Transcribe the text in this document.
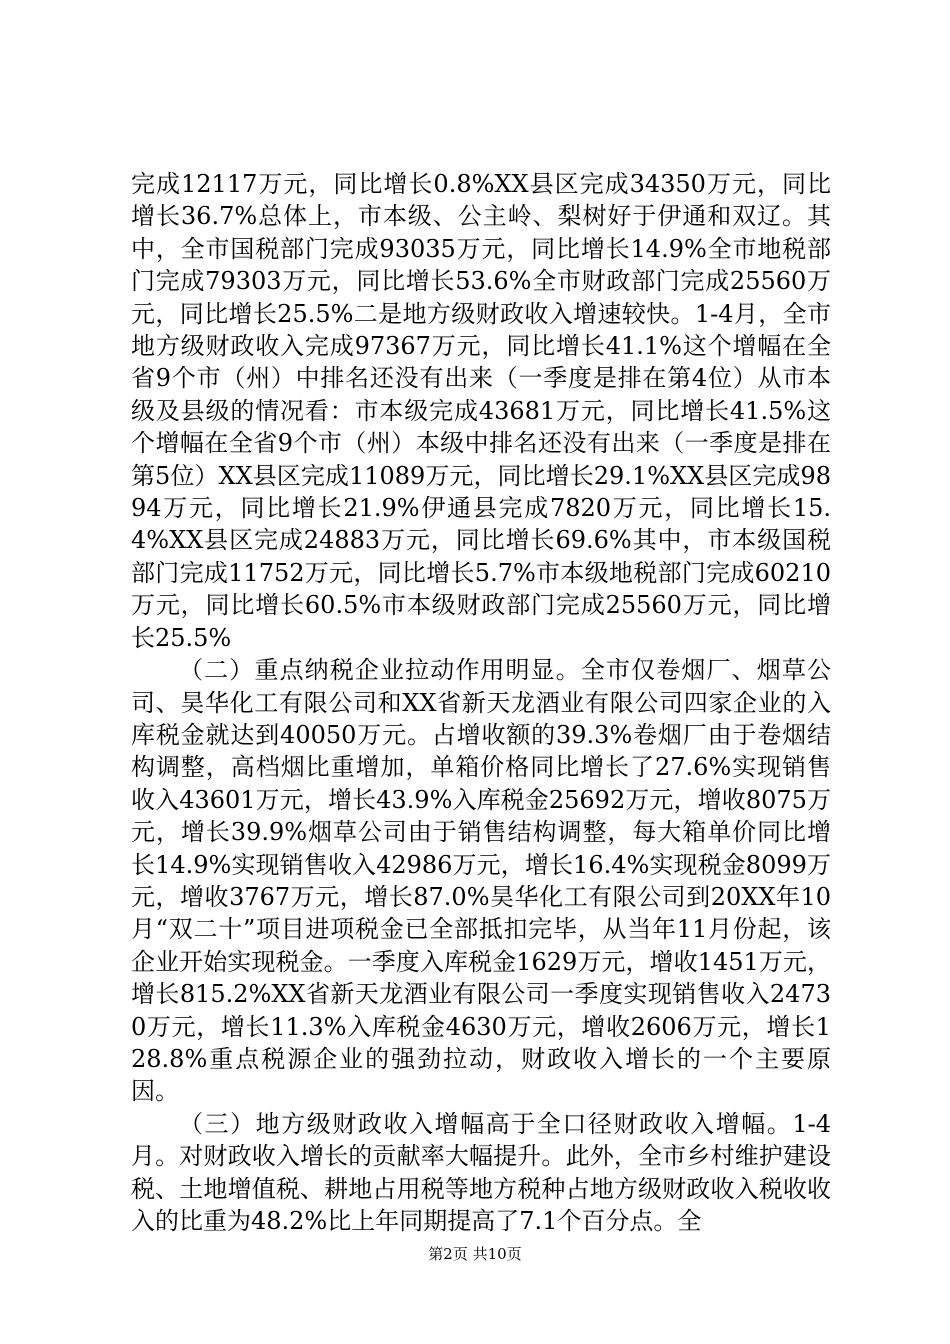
完成12117万元，同比增长0.8%XX县区完成34350万元，同比增长36.7%总体上，市本级、公主岭、梨树好于伊通和双辽。其中，全市国税部门完成93035万元，同比增长14.9%全市地税部门完成79303万元，同比增长53.6%全市财政部门完成25560万元，同比增长25.5%二是地方级财政收入增速较快。1-4月，全市地方级财政收入完成97367万元，同比增长41.1%这个增幅在全省9个市（州）中排名还没有出来（一季度是排在第4位）从市本级及县级的情况看：市本级完成43681万元，同比增长41.5%这个增幅在全省9个市（州）本级中排名还没有出来（一季度是排在第5位）XX县区完成11089万元，同比增长29.1%XX县区完成9894万元，同比增长21.9%伊通县完成7820万元，同比增长15.4%XX县区完成24883万元，同比增长69.6%其中，市本级国税部门完成11752万元，同比增长5.7%市本级地税部门完成60210万元，同比增长60.5%市本级财政部门完成25560万元，同比增长25.5%

（二）重点纳税企业拉动作用明显。全市仅卷烟厂、烟草公司、昊华化工有限公司和XX省新天龙酒业有限公司四家企业的入库税金就达到40050万元。占增收额的39.3%卷烟厂由于卷烟结构调整，高档烟比重增加，单箱价格同比增长了27.6%实现销售收入43601万元，增长43.9%入库税金25692万元，增收8075万元，增长39.9%烟草公司由于销售结构调整，每大箱单价同比增长14.9%实现销售收入42986万元，增长16.4%实现税金8099万元，增收3767万元，增长87.0%昊华化工有限公司到20XX年10月“双二十”项目进项税金已全部抵扣完毕，从当年11月份起，该企业开始实现税金。一季度入库税金1629万元，增收1451万元，增长815.2%XX省新天龙酒业有限公司一季度实现销售收入24730万元，增长11.3%入库税金4630万元，增收2606万元，增长128.8%重点税源企业的强劲拉动，财政收入增长的一个主要原因。

（三）地方级财政收入增幅高于全口径财政收入增幅。1-4月。对财政收入增长的贡献率大幅提升。此外，全市乡村维护建设税、土地增值税、耕地占用税等地方税种占地方级财政收入税收收入的比重为48.2%比上年同期提高了7.1个百分点。全

第2页 共10页
